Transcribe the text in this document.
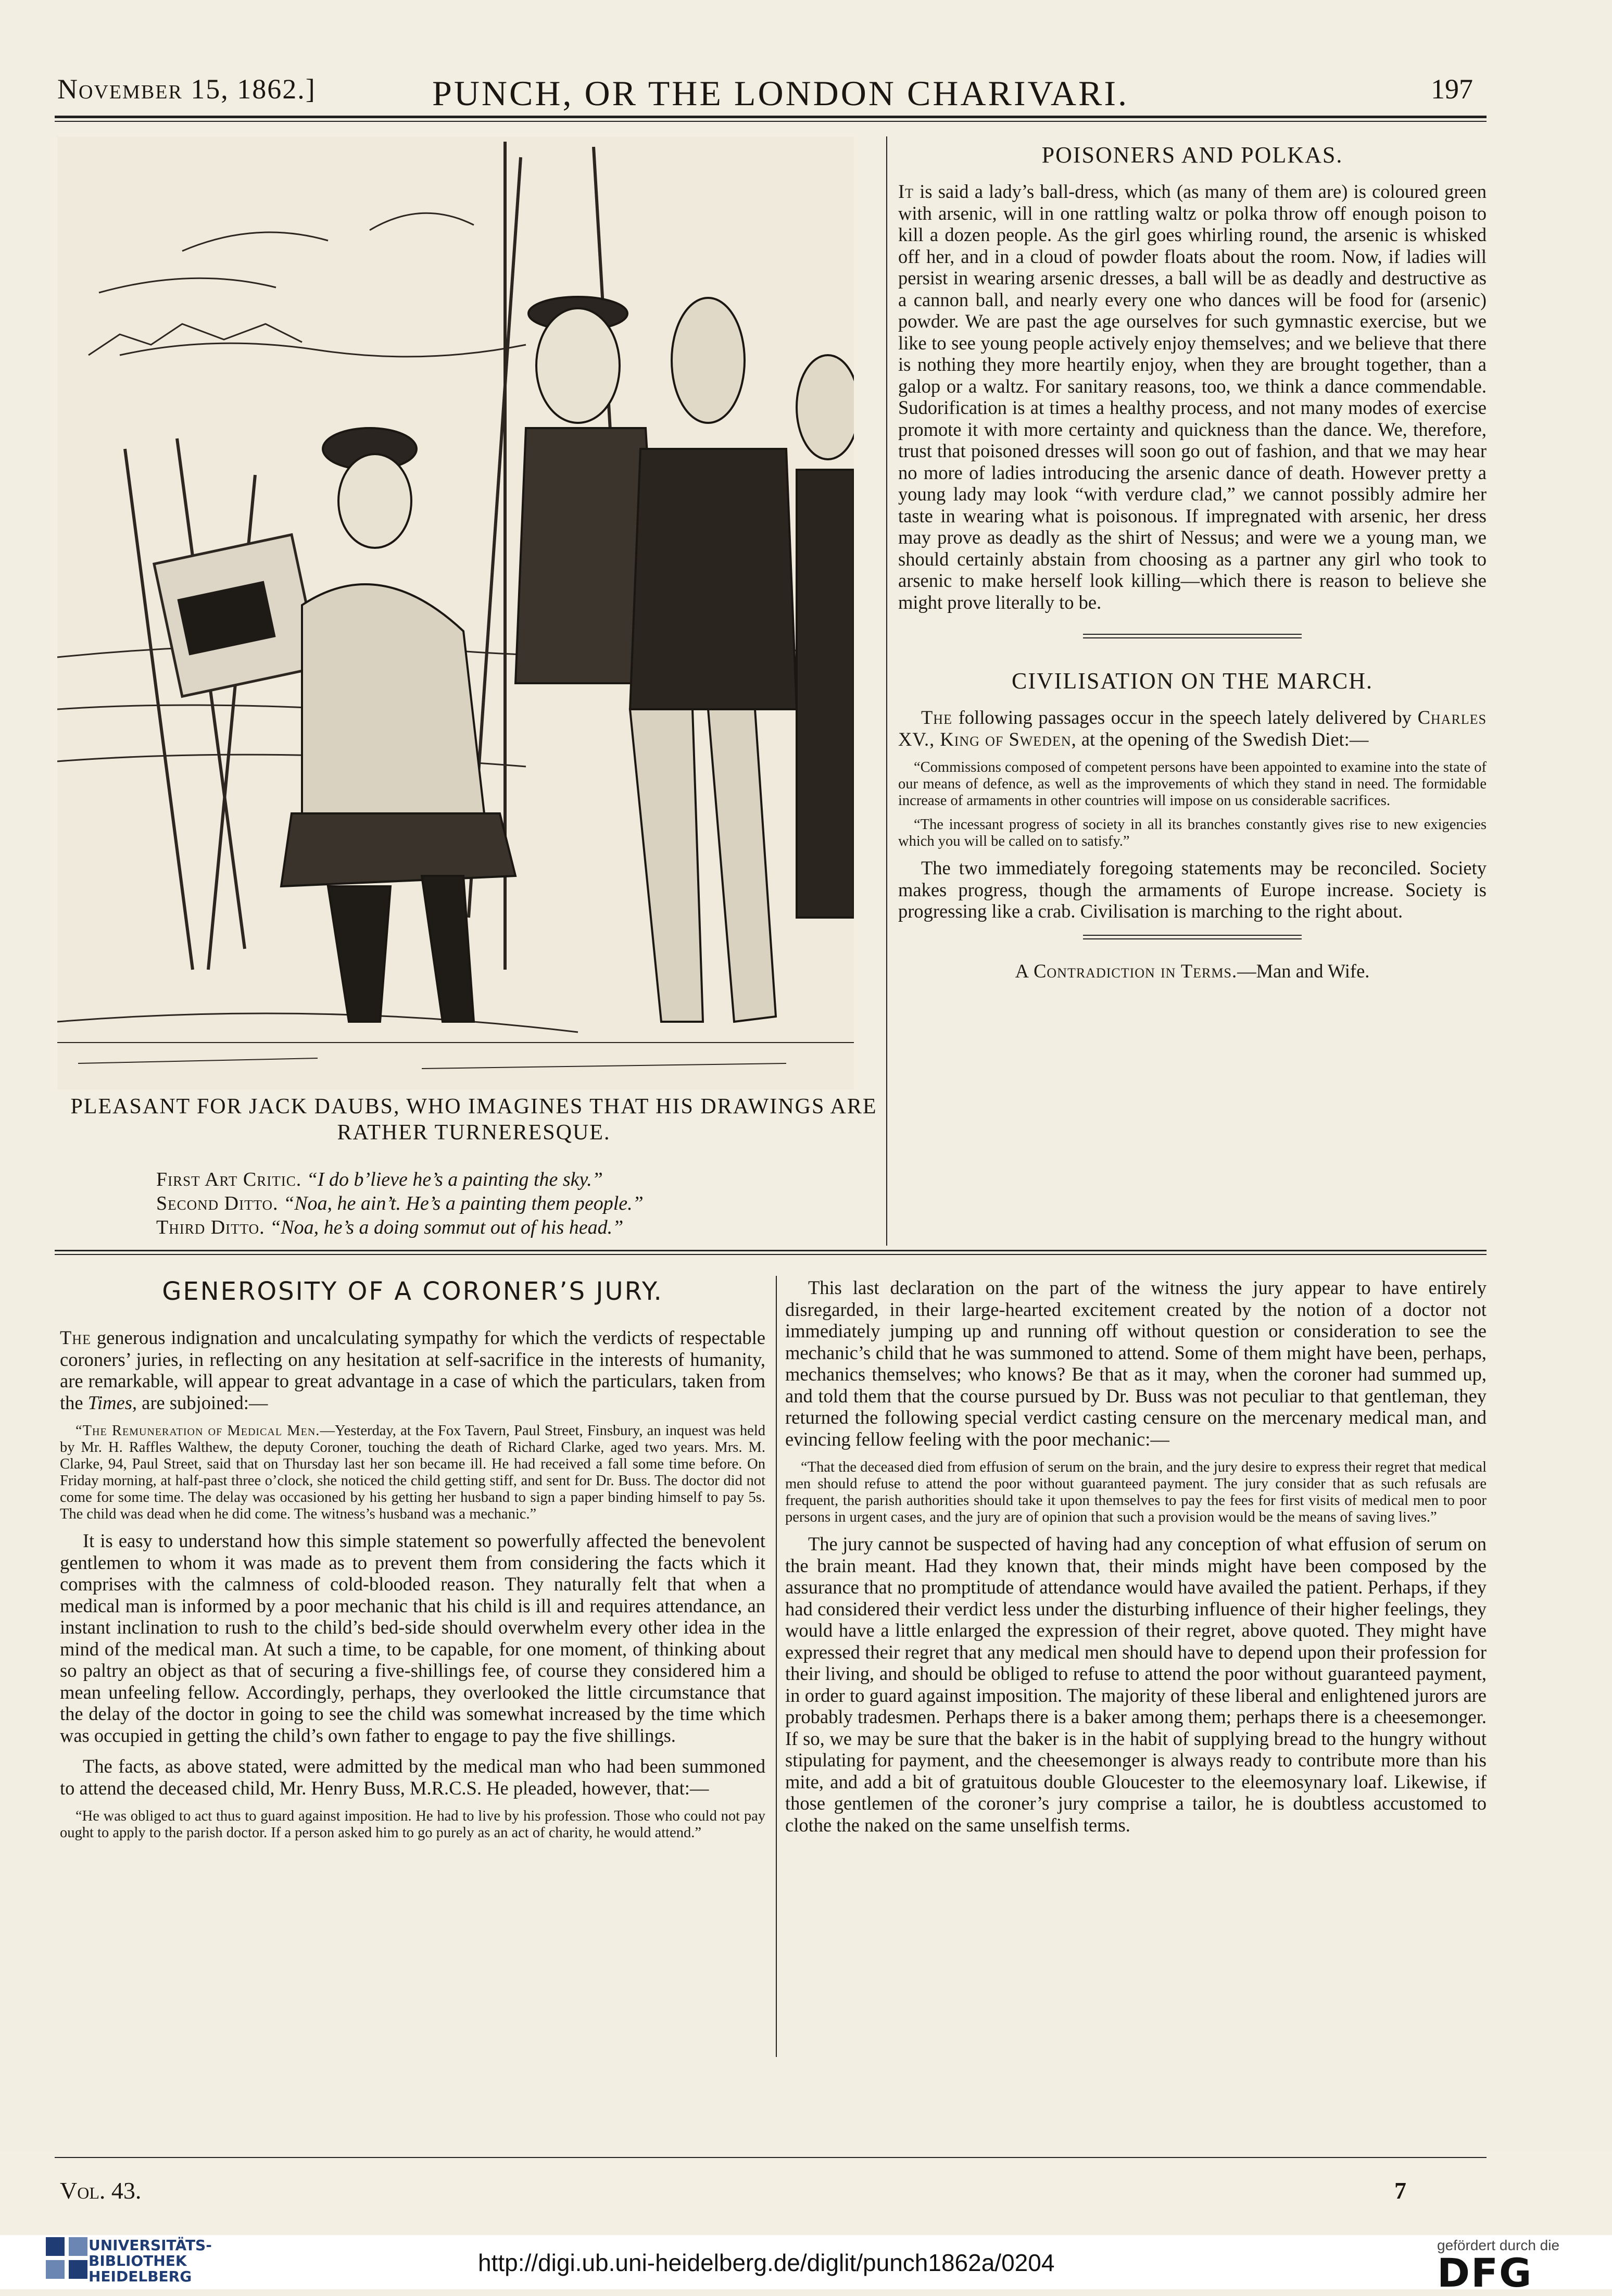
November 15, 1862.]	PUNCH, OR THE LONDON CHARIVARI.	197

PLEASANT FOR JACK DAUBS, WHO IMAGINES THAT HIS DRAWINGS ARE RATHER TURNERESQUE.

First Art Critic. “I do b’lieve he’s a painting the sky.”
Second Ditto. “Noa, he ain’t. He’s a painting them people.”
Third Ditto. “Noa, he’s a doing sommut out of his head.”

POISONERS AND POLKAS.

It is said a lady’s ball-dress, which (as many of them are) is coloured green with arsenic, will in one rattling waltz or polka throw off enough poison to kill a dozen people. As the girl goes whirling round, the arsenic is whisked off her, and in a cloud of powder floats about the room. Now, if ladies will persist in wearing arsenic dresses, a ball will be as deadly and destructive as a cannon ball, and nearly every one who dances will be food for (arsenic) powder. We are past the age ourselves for such gymnastic exercise, but we like to see young people actively enjoy themselves; and we believe that there is nothing they more heartily enjoy, when they are brought together, than a galop or a waltz. For sanitary reasons, too, we think a dance commendable. Sudorification is at times a healthy process, and not many modes of exercise promote it with more certainty and quickness than the dance. We, therefore, trust that poisoned dresses will soon go out of fashion, and that we may hear no more of ladies introducing the arsenic dance of death. However pretty a young lady may look “with verdure clad,” we cannot possibly admire her taste in wearing what is poisonous. If impregnated with arsenic, her dress may prove as deadly as the shirt of Nessus; and were we a young man, we should certainly abstain from choosing as a partner any girl who took to arsenic to make herself look killing—which there is reason to believe she might prove literally to be.

CIVILISATION ON THE MARCH.

The following passages occur in the speech lately delivered by Charles XV., King of Sweden, at the opening of the Swedish Diet:—

“Commissions composed of competent persons have been appointed to examine into the state of our means of defence, as well as the improvements of which they stand in need. The formidable increase of armaments in other countries will impose on us considerable sacrifices.

“The incessant progress of society in all its branches constantly gives rise to new exigencies which you will be called on to satisfy.”

The two immediately foregoing statements may be reconciled. Society makes progress, though the armaments of Europe increase. Society is progressing like a crab. Civilisation is marching to the right about.

A Contradiction in Terms.—Man and Wife.

GENEROSITY OF A CORONER’S JURY.

The generous indignation and uncalculating sympathy for which the verdicts of respectable coroners’ juries, in reflecting on any hesitation at self-sacrifice in the interests of humanity, are remarkable, will appear to great advantage in a case of which the particulars, taken from the Times, are subjoined:—

“The Remuneration of Medical Men.—Yesterday, at the Fox Tavern, Paul Street, Finsbury, an inquest was held by Mr. H. Raffles Walthew, the deputy Coroner, touching the death of Richard Clarke, aged two years. Mrs. M. Clarke, 94, Paul Street, said that on Thursday last her son became ill. He had received a fall some time before. On Friday morning, at half-past three o’clock, she noticed the child getting stiff, and sent for Dr. Buss. The doctor did not come for some time. The delay was occasioned by his getting her husband to sign a paper binding himself to pay 5s. The child was dead when he did come. The witness’s husband was a mechanic.”

It is easy to understand how this simple statement so powerfully affected the benevolent gentlemen to whom it was made as to prevent them from considering the facts which it comprises with the calmness of cold-blooded reason. They naturally felt that when a medical man is informed by a poor mechanic that his child is ill and requires attendance, an instant inclination to rush to the child’s bed-side should overwhelm every other idea in the mind of the medical man. At such a time, to be capable, for one moment, of thinking about so paltry an object as that of securing a five-shillings fee, of course they considered him a mean unfeeling fellow. Accordingly, perhaps, they overlooked the little circumstance that the delay of the doctor in going to see the child was somewhat increased by the time which was occupied in getting the child’s own father to engage to pay the five shillings.

The facts, as above stated, were admitted by the medical man who had been summoned to attend the deceased child, Mr. Henry Buss, M.R.C.S. He pleaded, however, that:—

“He was obliged to act thus to guard against imposition. He had to live by his profession. Those who could not pay ought to apply to the parish doctor. If a person asked him to go purely as an act of charity, he would attend.”

This last declaration on the part of the witness the jury appear to have entirely disregarded, in their large-hearted excitement created by the notion of a doctor not immediately jumping up and running off without question or consideration to see the mechanic’s child that he was summoned to attend. Some of them might have been, perhaps, mechanics themselves; who knows? Be that as it may, when the coroner had summed up, and told them that the course pursued by Dr. Buss was not peculiar to that gentleman, they returned the following special verdict casting censure on the mercenary medical man, and evincing fellow feeling with the poor mechanic:—

“That the deceased died from effusion of serum on the brain, and the jury desire to express their regret that medical men should refuse to attend the poor without guaranteed payment. The jury consider that as such refusals are frequent, the parish authorities should take it upon themselves to pay the fees for first visits of medical men to poor persons in urgent cases, and the jury are of opinion that such a provision would be the means of saving lives.”

The jury cannot be suspected of having had any conception of what effusion of serum on the brain meant. Had they known that, their minds might have been composed by the assurance that no promptitude of attendance would have availed the patient. Perhaps, if they had considered their verdict less under the disturbing influence of their higher feelings, they would have a little enlarged the expression of their regret, above quoted. They might have expressed their regret that any medical men should have to depend upon their profession for their living, and should be obliged to refuse to attend the poor without guaranteed payment, in order to guard against imposition. The majority of these liberal and enlightened jurors are probably tradesmen. Perhaps there is a baker among them; perhaps there is a cheesemonger. If so, we may be sure that the baker is in the habit of supplying bread to the hungry without stipulating for payment, and the cheesemonger is always ready to contribute more than his mite, and add a bit of gratuitous double Gloucester to the eleemosynary loaf. Likewise, if those gentlemen of the coroner’s jury comprise a tailor, he is doubtless accustomed to clothe the naked on the same unselfish terms.

Vol. 43.	7
UNIVERSITÄTS-
BIBLIOTHEK
HEIDELBERG
http://digi.ub.uni-heidelberg.de/diglit/punch1862a/0204
gefördert durch die
DFG
